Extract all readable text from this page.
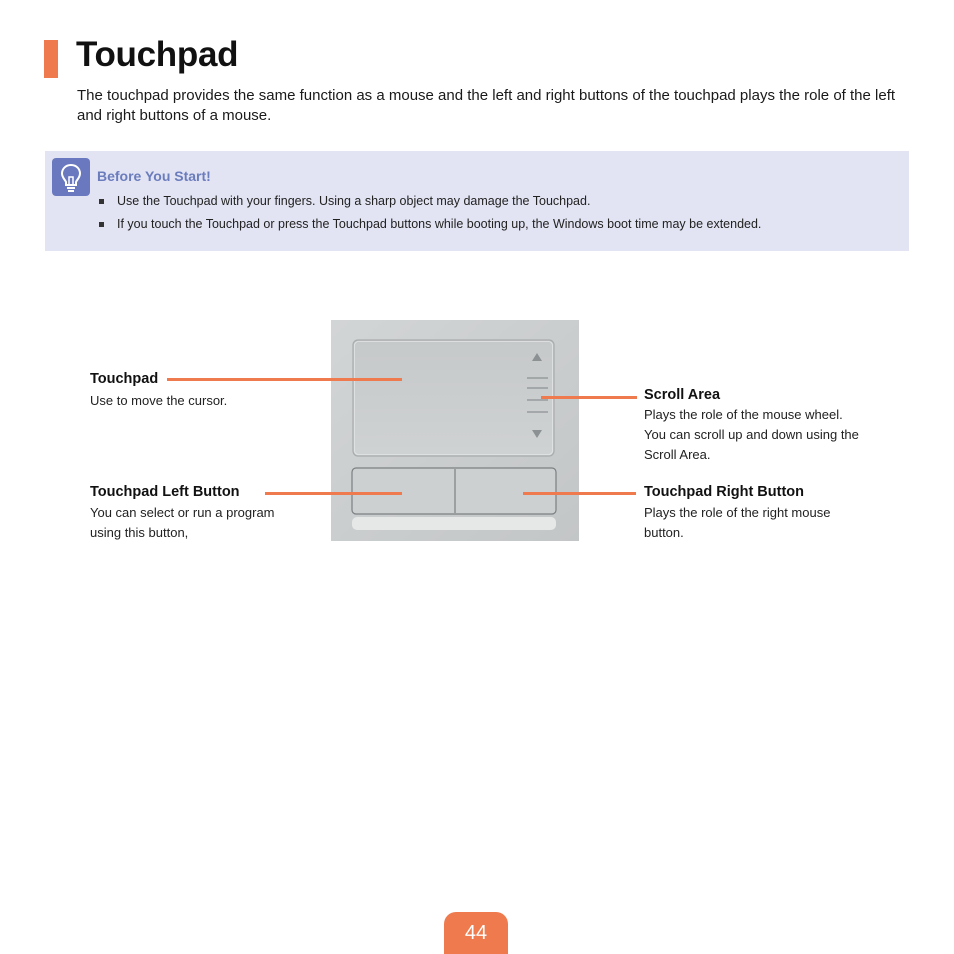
Touchpad

The touchpad provides the same function as a mouse and the left and right buttons of the touchpad plays the role of the left and right buttons of a mouse.

Before You Start!
Use the Touchpad with your fingers. Using a sharp object may damage the Touchpad.
If you touch the Touchpad or press the Touchpad buttons while booting up, the Windows boot time may be extended.
Touchpad
Use to move the cursor.
Touchpad Left Button
You can select or run a program
using this button,
Scroll Area
Plays the role of the mouse wheel.
You can scroll up and down using the
Scroll Area.
Touchpad Right Button
Plays the role of the right mouse
button.
44
